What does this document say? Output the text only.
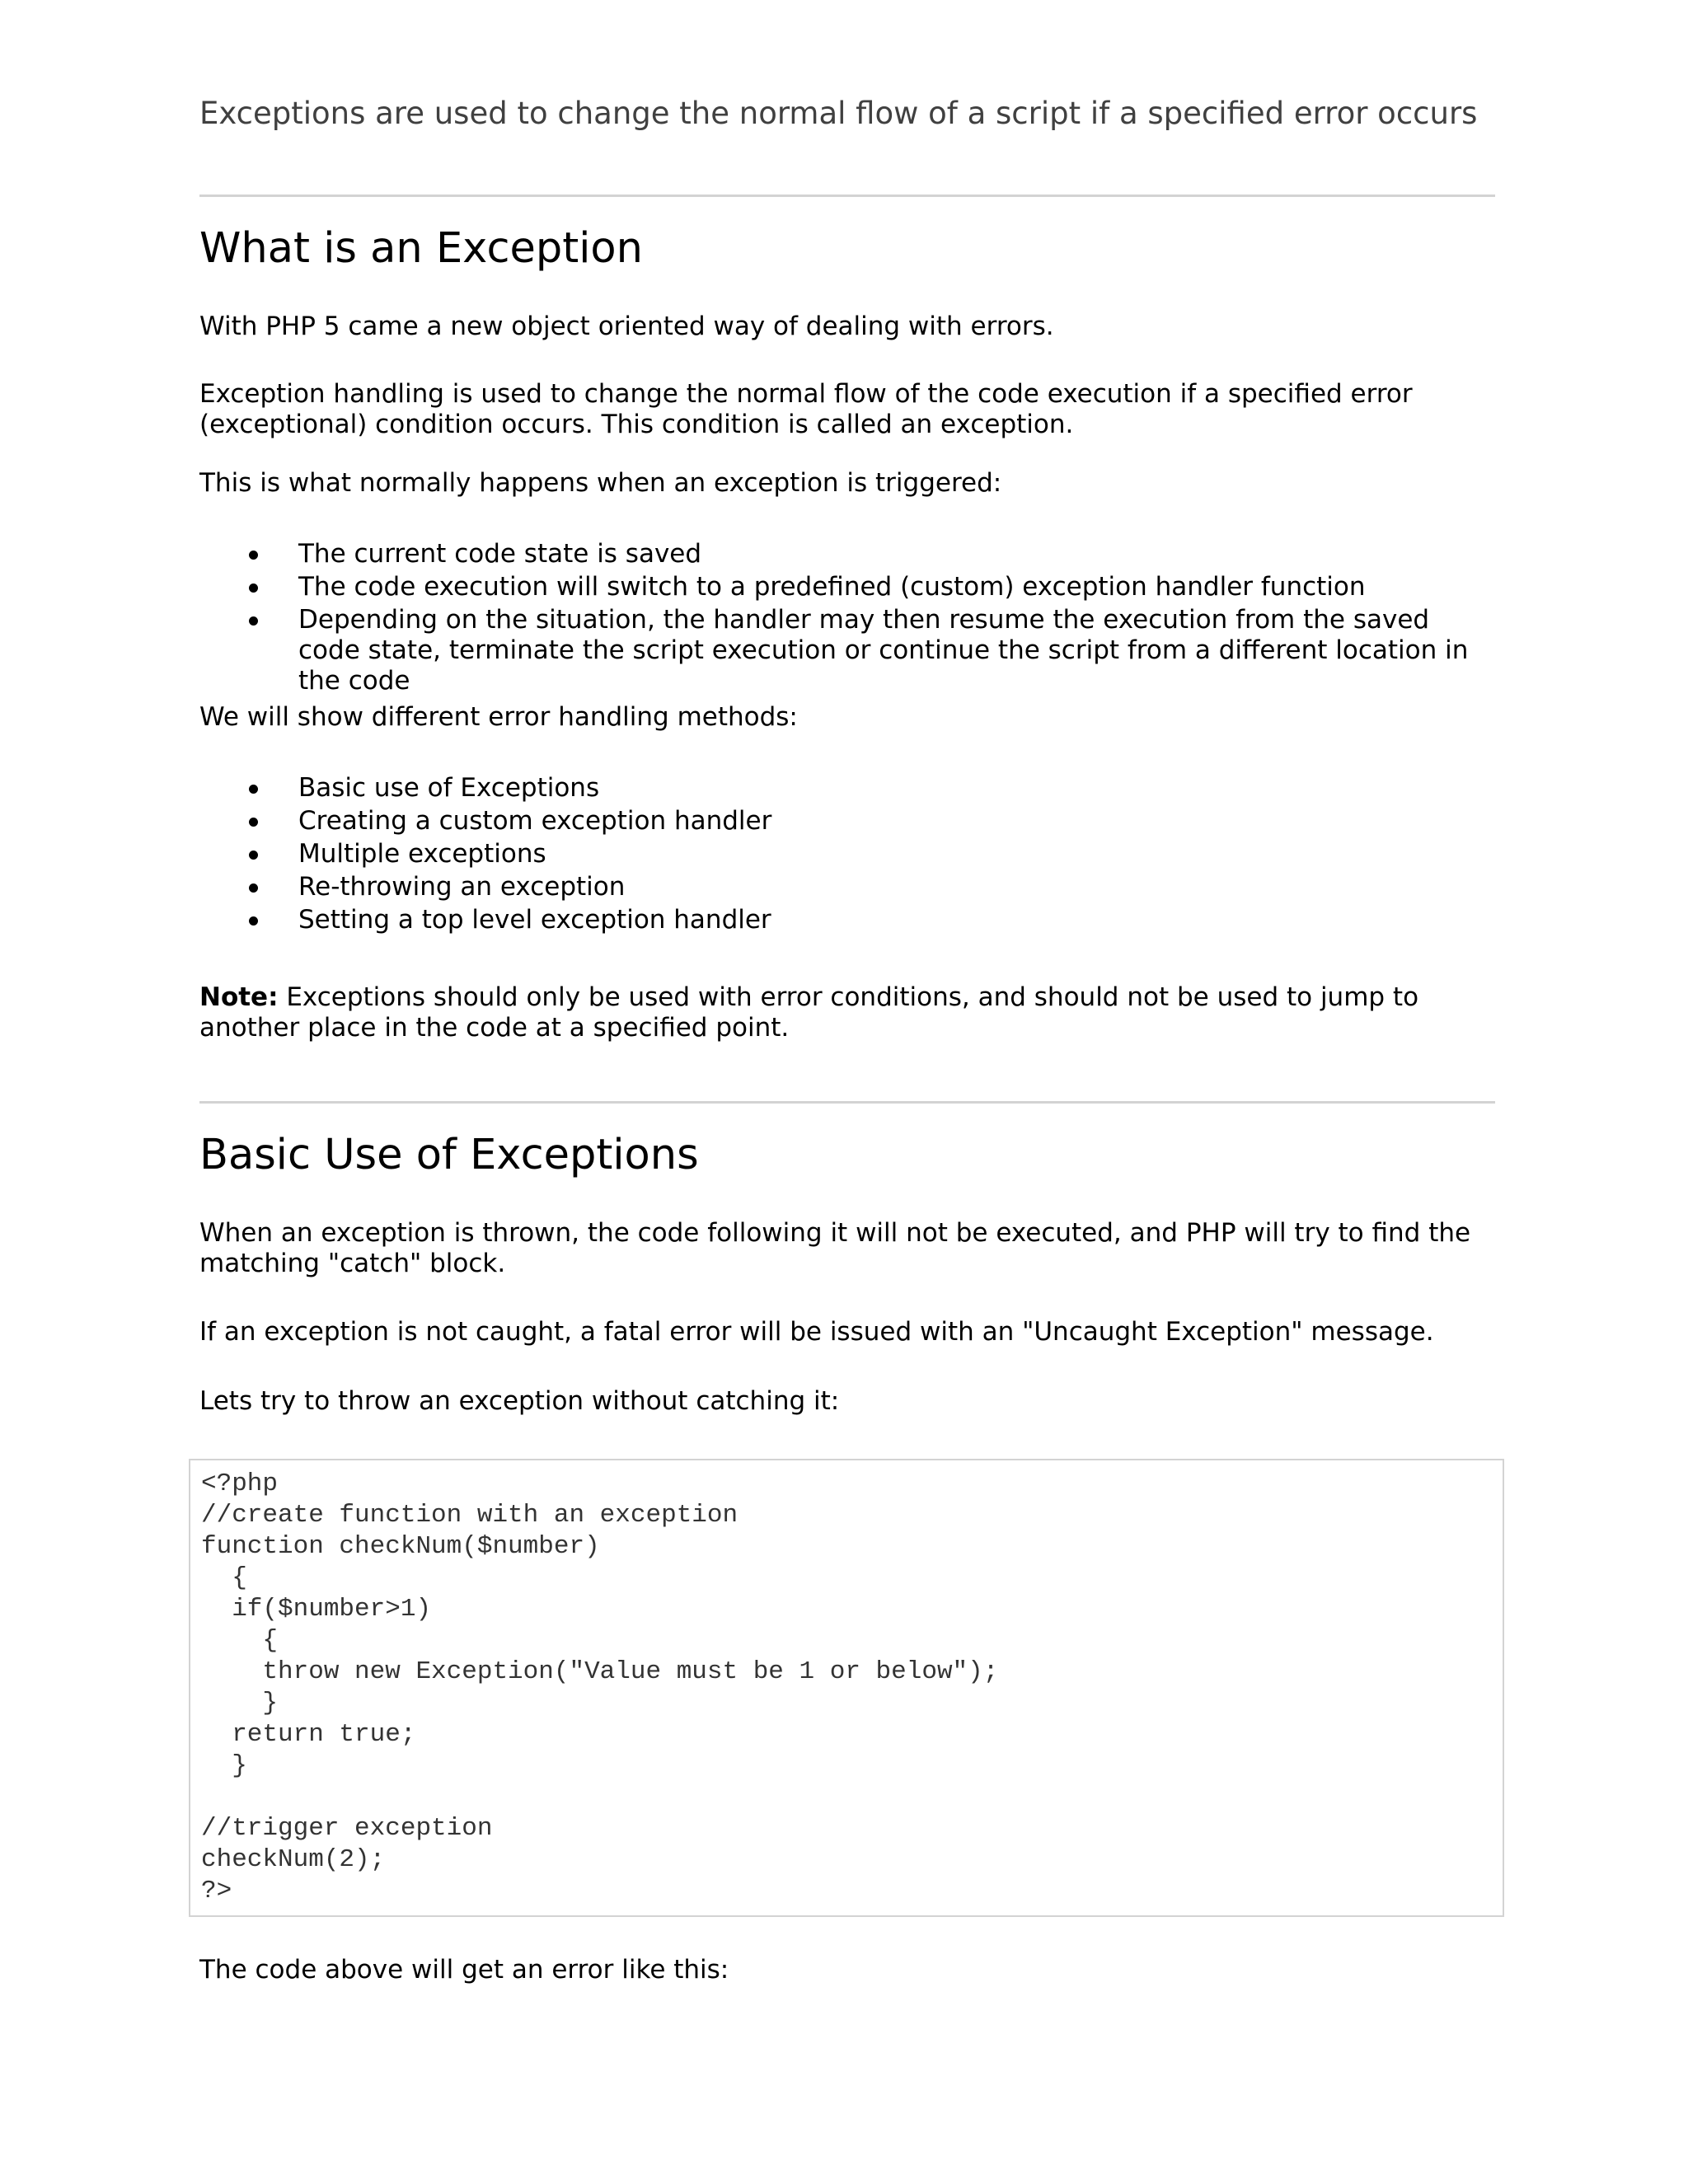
Exceptions are used to change the normal flow of a script if a specified error occurs
What is an Exception

With PHP 5 came a new object oriented way of dealing with errors.

Exception handling is used to change the normal flow of the code execution if a specified error (exceptional) condition occurs. This condition is called an exception.

This is what normally happens when an exception is triggered:

The current code state is saved
The code execution will switch to a predefined (custom) exception handler function
Depending on the situation, the handler may then resume the execution from the saved code state, terminate the script execution or continue the script from a different location in the code

We will show different error handling methods:

Basic use of Exceptions
Creating a custom exception handler
Multiple exceptions
Re-throwing an exception
Setting a top level exception handler

Note: Exceptions should only be used with error conditions, and should not be used to jump to another place in the code at a specified point.

Basic Use of Exceptions

When an exception is thrown, the code following it will not be executed, and PHP will try to find the matching "catch" block.

If an exception is not caught, a fatal error will be issued with an "Uncaught Exception" message.

Lets try to throw an exception without catching it:

<?php
//create function with an exception
function checkNum($number)
{
if($number>1)
{
throw new Exception("Value must be 1 or below");
}
return true;
}
//trigger exception
checkNum(2);
?>

The code above will get an error like this:
